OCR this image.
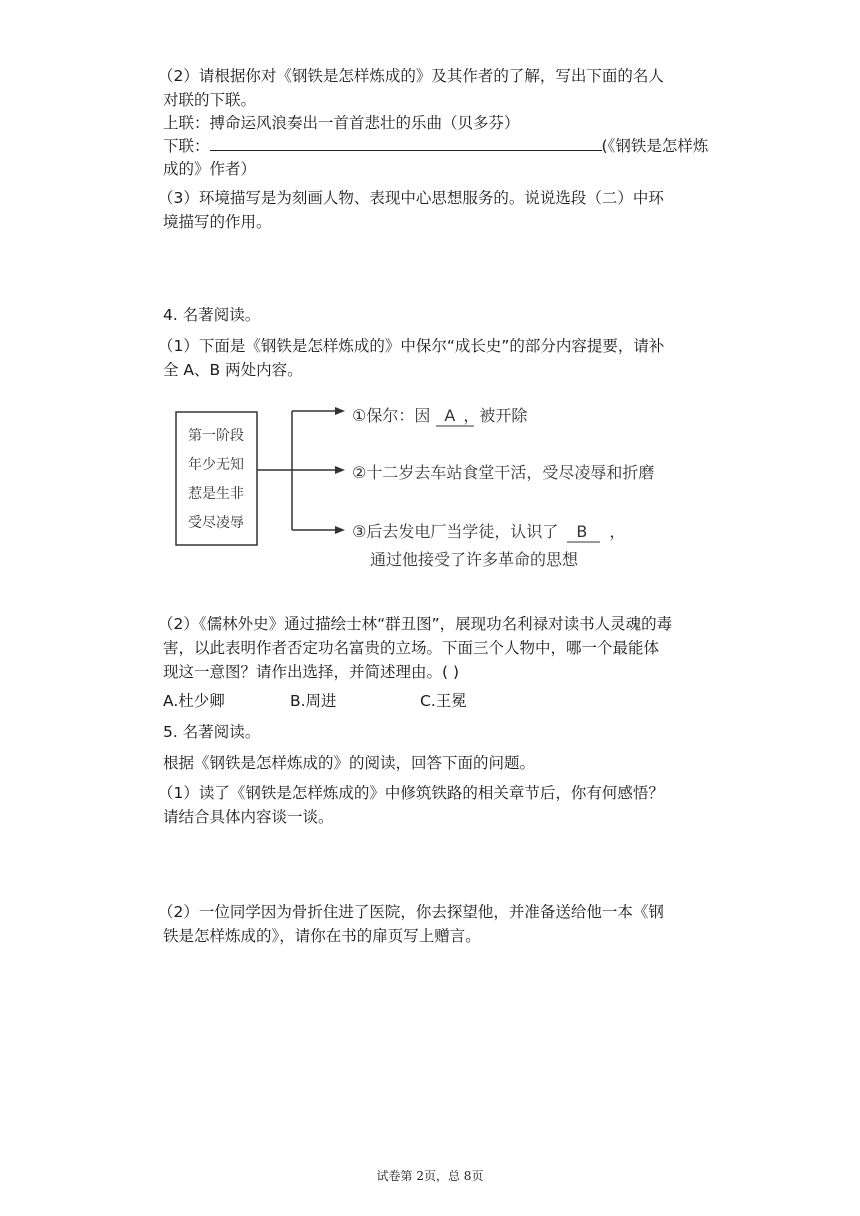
（2）请根据你对《钢铁是怎样炼成的》及其作者的了解，写出下面的名人
对联的下联。
上联：搏命运风浪奏出一首首悲壮的乐曲（贝多芬）
下联：	(《钢铁是怎样炼
成的》作者）
（3）环境描写是为刻画人物、表现中心思想服务的。说说选段（二）中环
境描写的作用。
4. 名著阅读。
（1）下面是《钢铁是怎样炼成的》中保尔“成长史”的部分内容提要，请补
全 A、B 两处内容。
第一阶段
年少无知
惹是生非
受尽凌辱
①保尔：因 A ，被开除
②十二岁去车站食堂干活，受尽凌辱和折磨
③后去发电厂当学徒，认识了 B ，
通过他接受了许多革命的思想
（2）《儒林外史》通过描绘士林“群丑图”，展现功名利禄对读书人灵魂的毒
害，以此表明作者否定功名富贵的立场。下面三个人物中，哪一个最能体
现这一意图？请作出选择，并简述理由。( )
A.杜少卿	B.周进	C.王冕
5. 名著阅读。
根据《钢铁是怎样炼成的》的阅读，回答下面的问题。
（1）读了《钢铁是怎样炼成的》中修筑铁路的相关章节后，你有何感悟？
请结合具体内容谈一谈。
（2）一位同学因为骨折住进了医院，你去探望他，并准备送给他一本《钢
铁是怎样炼成的》，请你在书的扉页写上赠言。
试卷第 2页，总 8页
